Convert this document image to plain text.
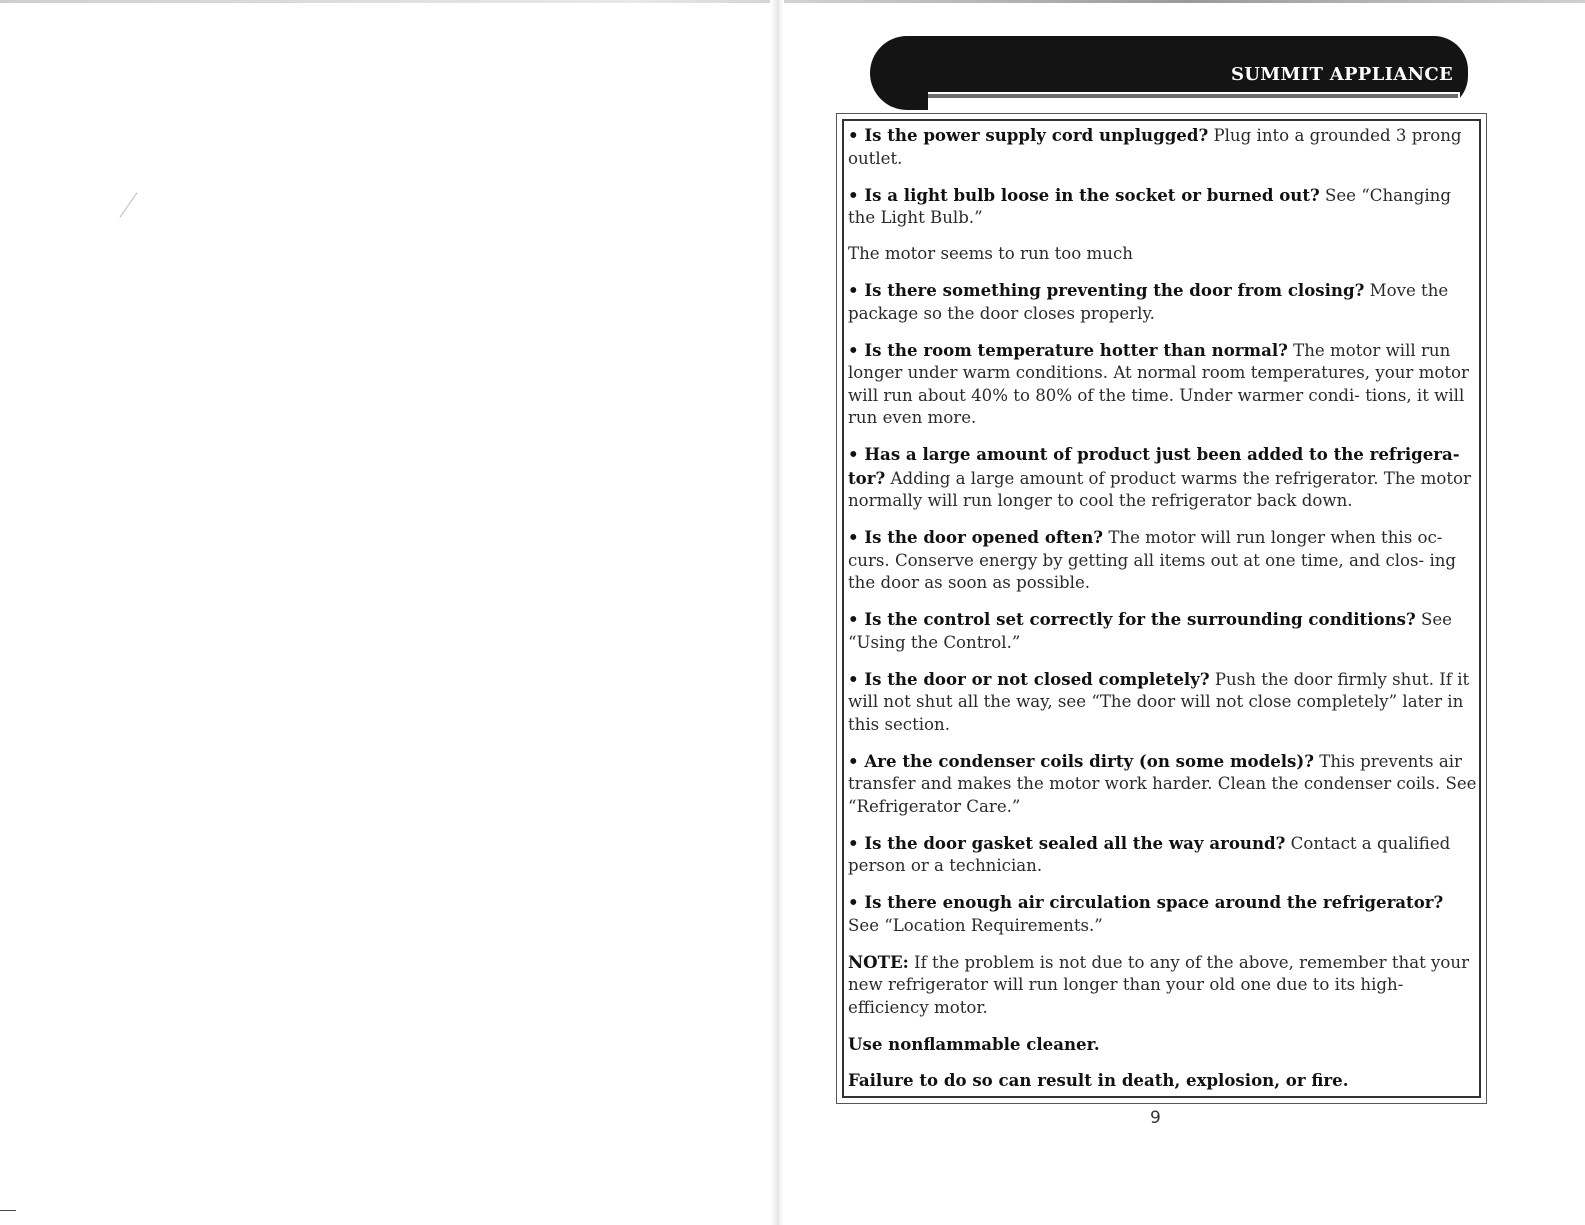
SUMMIT APPLIANCE

• Is the power supply cord unplugged? Plug into a grounded 3 prong outlet.

• Is a light bulb loose in the socket or burned out? See “Changing the Light Bulb.”

The motor seems to run too much

• Is there something preventing the door from closing? Move the package so the door closes properly.

• Is the room temperature hotter than normal? The motor will run longer under warm conditions. At normal room temperatures, your motor will run about 40% to 80% of the time. Under warmer condi- tions, it will run even more.

• Has a large amount of product just been added to the refrigera- tor? Adding a large amount of product warms the refrigerator. The motor normally will run longer to cool the refrigerator back down.

• Is the door opened often? The motor will run longer when this oc- curs. Conserve energy by getting all items out at one time, and clos- ing the door as soon as possible.

• Is the control set correctly for the surrounding conditions? See “Using the Control.”

• Is the door or not closed completely? Push the door firmly shut. If it will not shut all the way, see “The door will not close completely” later in this section.

• Are the condenser coils dirty (on some models)? This prevents air transfer and makes the motor work harder. Clean the condenser coils. See “Refrigerator Care.”

• Is the door gasket sealed all the way around? Contact a qualified person or a technician.

• Is there enough air circulation space around the refrigerator? See “Location Requirements.”

NOTE: If the problem is not due to any of the above, remember that your new refrigerator will run longer than your old one due to its high-efficiency motor.

Use nonflammable cleaner.

Failure to do so can result in death, explosion, or fire.

9
